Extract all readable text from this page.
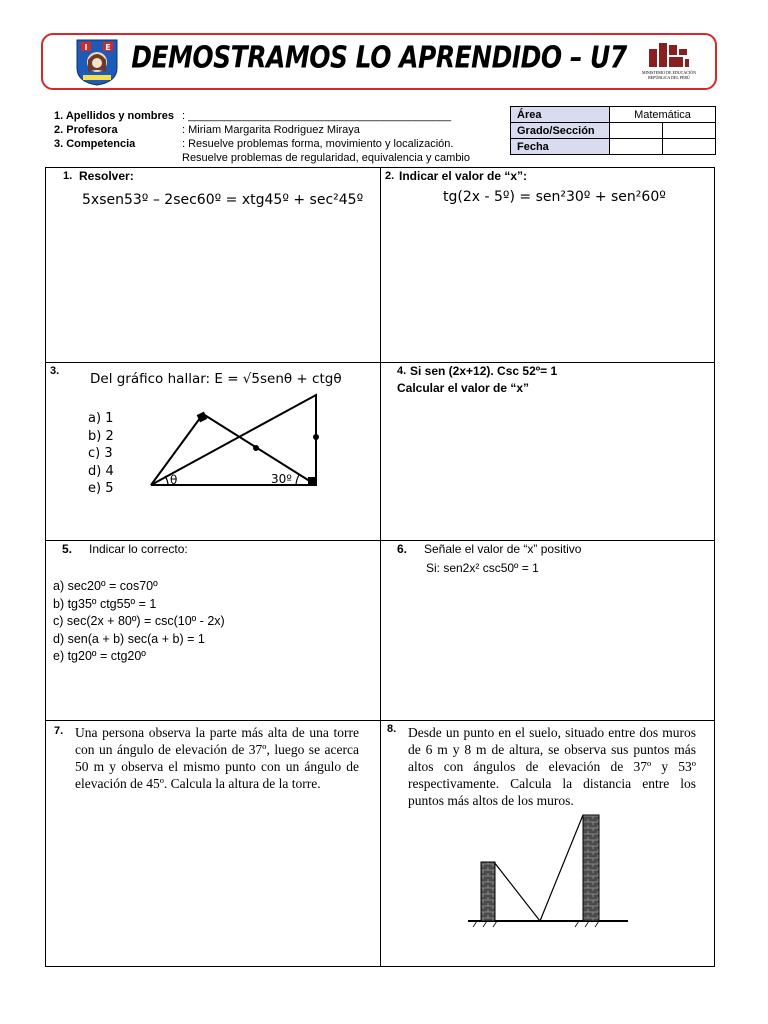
I E DEMOSTRAMOS LO APRENDIDO – U7	MINISTERIO DE EDUCACIÓN REPÚBLICA DEL PERÚ
1. Apellidos y nombres : ___________________________________________
2. Profesora	: Miriam Margarita Rodriguez Miraya
3. Competencia	: Resuelve problemas forma, movimiento y localización.
Resuelve problemas de regularidad, equivalencia y cambio
Área	Matemática	
Grado/Sección		
Fecha		
1. Resolver:
5xsen53º – 2sec60º = xtg45º + sec²45º
2. Indicar el valor de “x”:
tg(2x - 5º) = sen²30º + sen²60º
3. Del gráfico hallar: E = √5senθ + ctgθ
a) 1
b) 2
c) 3
d) 4
e) 5
θ	30º
4. Si sen (2x+12). Csc 52º= 1
Calcular el valor de “x”
5. Indicar lo correcto:
a) sec20º = cos70º
b) tg35º ctg55º = 1
c) sec(2x + 80º) = csc(10º - 2x)
d) sen(a + b) sec(a + b) = 1
e) tg20º = ctg20º
6. Señale el valor de “x” positivo
Si: sen2x² csc50º = 1
7. Una persona observa la parte más alta de una torre con un ángulo de elevación de 37º, luego se acerca 50 m y observa el mismo punto con un ángulo de elevación de 45º. Calcula la altura de la torre.
8. Desde un punto en el suelo, situado entre dos muros de 6 m y 8 m de altura, se observa sus puntos más altos con ángulos de elevación de 37º y 53º respectivamente. Calcula la distancia entre los puntos más altos de los muros.
